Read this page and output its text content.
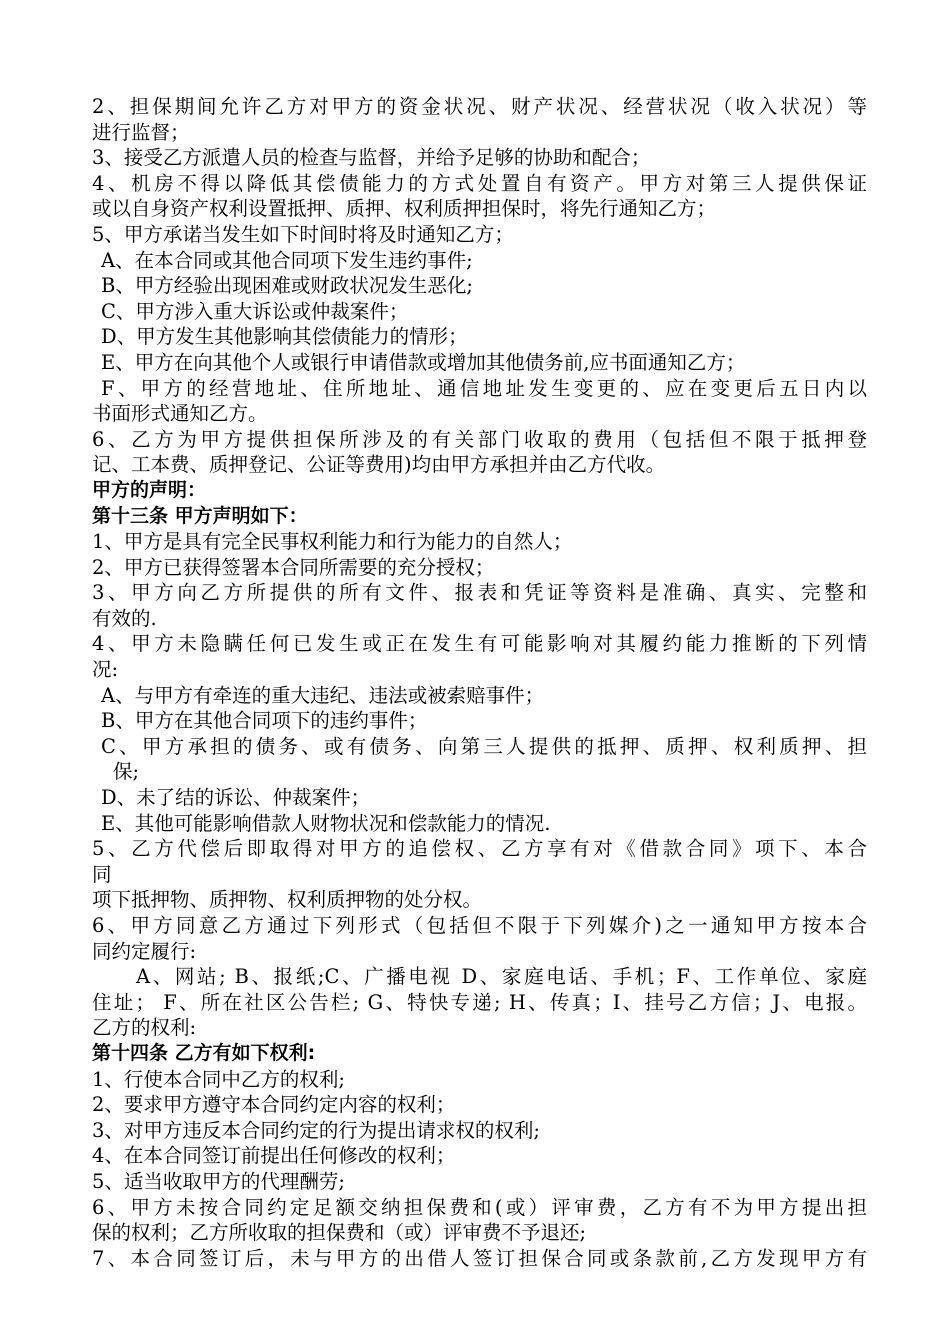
2、担保期间允许乙方对甲方的资金状况、财产状况、经营状况（收入状况）等
进行监督；
3、接受乙方派遣人员的检查与监督，并给予足够的协助和配合；
4、机房不得以降低其偿债能力的方式处置自有资产。甲方对第三人提供保证
或以自身资产权利设置抵押、质押、权利质押担保时，将先行通知乙方；
5、甲方承诺当发生如下时间时将及时通知乙方；
A、在本合同或其他合同项下发生违约事件;
B、甲方经验出现困难或财政状况发生恶化;
C、甲方涉入重大诉讼或仲裁案件；
D、甲方发生其他影响其偿债能力的情形；
E、甲方在向其他个人或银行申请借款或增加其他债务前,应书面通知乙方；
F、甲方的经营地址、住所地址、通信地址发生变更的、应在变更后五日内以
书面形式通知乙方。
6、乙方为甲方提供担保所涉及的有关部门收取的费用（包括但不限于抵押登
记、工本费、质押登记、公证等费用)均由甲方承担并由乙方代收。
甲方的声明：
第十三条 甲方声明如下：
1、甲方是具有完全民事权利能力和行为能力的自然人；
2、甲方已获得签署本合同所需要的充分授权；
3、甲方向乙方所提供的所有文件、报表和凭证等资料是准确、真实、完整和
有效的.
4、甲方未隐瞒任何已发生或正在发生有可能影响对其履约能力推断的下列情
况:
A、与甲方有牵连的重大违纪、违法或被索赔事件；
B、甲方在其他合同项下的违约事件；
C、甲方承担的债务、或有债务、向第三人提供的抵押、质押、权利质押、担
保;
D、未了结的诉讼、仲裁案件；
E、其他可能影响借款人财物状况和偿款能力的情况.
5、乙方代偿后即取得对甲方的追偿权、乙方享有对《借款合同》项下、本合
同
项下抵押物、质押物、权利质押物的处分权。
6、甲方同意乙方通过下列形式（包括但不限于下列媒介)之一通知甲方按本合
同约定履行:
A、网站; B、报纸;C、广播电视 D、家庭电话、手机；F、工作单位、家庭
住址； F、所在社区公告栏; G、特快专递; H、传真；I、挂号乙方信；J、电报。
乙方的权利:
第十四条 乙方有如下权利:
1、行使本合同中乙方的权利;
2、要求甲方遵守本合同约定内容的权利；
3、对甲方违反本合同约定的行为提出请求权的权利;
4、在本合同签订前提出任何修改的权利；
5、适当收取甲方的代理酬劳;
6、甲方未按合同约定足额交纳担保费和(或）评审费，乙方有不为甲方提出担
保的权利；乙方所收取的担保费和（或）评审费不予退还;
7、本合同签订后，未与甲方的出借人签订担保合同或条款前,乙方发现甲方有
